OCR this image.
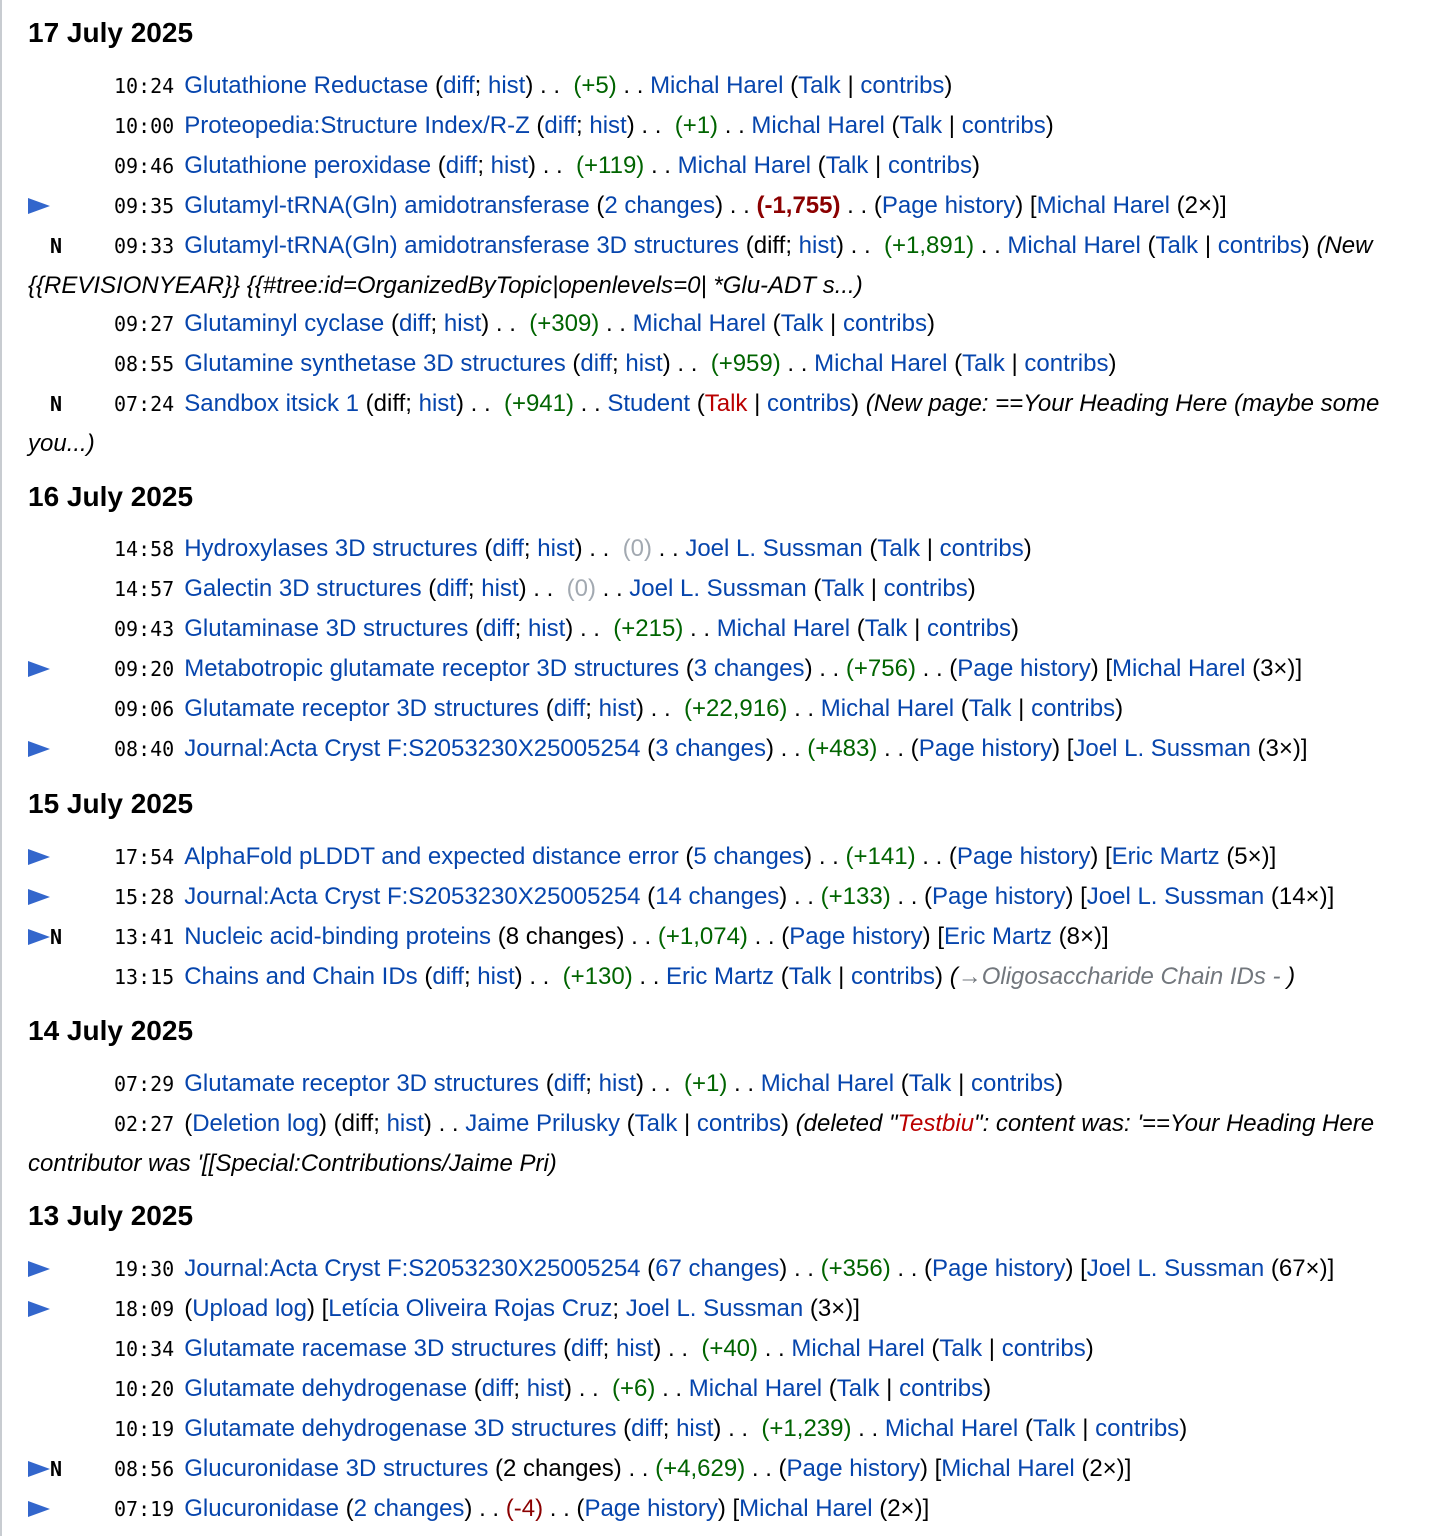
17 July 2025
10:24 Glutathione Reductase (diff; hist) . .  (+5) . . Michal Harel (Talk | contribs)
10:00 Proteopedia:Structure Index/R-Z (diff; hist) . .  (+1) . . Michal Harel (Talk | contribs)
09:46 Glutathione peroxidase (diff; hist) . .  (+119) . . Michal Harel (Talk | contribs)
09:35 Glutamyl-tRNA(Gln) amidotransferase (2 changes) . . (-1,755) . . (Page history) [Michal Harel (2×)]
N	09:33 Glutamyl-tRNA(Gln) amidotransferase 3D structures (diff; hist) . .  (+1,891) . . Michal Harel (Talk | contribs) (New
{{REVISIONYEAR}} {{#tree:id=OrganizedByTopic|openlevels=0| *Glu-ADT s...)
09:27 Glutaminyl cyclase (diff; hist) . .  (+309) . . Michal Harel (Talk | contribs)
08:55 Glutamine synthetase 3D structures (diff; hist) . .  (+959) . . Michal Harel (Talk | contribs)
N	07:24 Sandbox itsick 1 (diff; hist) . .  (+941) . . Student (Talk | contribs) (New page: ==Your Heading Here (maybe some
you...)
16 July 2025
14:58 Hydroxylases 3D structures (diff; hist) . .  (0) . . Joel L. Sussman (Talk | contribs)
14:57 Galectin 3D structures (diff; hist) . .  (0) . . Joel L. Sussman (Talk | contribs)
09:43 Glutaminase 3D structures (diff; hist) . .  (+215) . . Michal Harel (Talk | contribs)
09:20 Metabotropic glutamate receptor 3D structures (3 changes) . . (+756) . . (Page history) [Michal Harel (3×)]
09:06 Glutamate receptor 3D structures (diff; hist) . .  (+22,916) . . Michal Harel (Talk | contribs)
08:40 Journal:Acta Cryst F:S2053230X25005254 (3 changes) . . (+483) . . (Page history) [Joel L. Sussman (3×)]
15 July 2025
17:54 AlphaFold pLDDT and expected distance error (5 changes) . . (+141) . . (Page history) [Eric Martz (5×)]
15:28 Journal:Acta Cryst F:S2053230X25005254 (14 changes) . . (+133) . . (Page history) [Joel L. Sussman (14×)]
N	13:41 Nucleic acid-binding proteins (8 changes) . . (+1,074) . . (Page history) [Eric Martz (8×)]
13:15 Chains and Chain IDs (diff; hist) . .  (+130) . . Eric Martz (Talk | contribs) (→Oligosaccharide Chain IDs - )
14 July 2025
07:29 Glutamate receptor 3D structures (diff; hist) . .  (+1) . . Michal Harel (Talk | contribs)
02:27 (Deletion log) (diff; hist) . . Jaime Prilusky (Talk | contribs) (deleted "Testbiu": content was: '==Your Heading Here
contributor was '[[Special:Contributions/Jaime Pri)
13 July 2025
19:30 Journal:Acta Cryst F:S2053230X25005254 (67 changes) . . (+356) . . (Page history) [Joel L. Sussman (67×)]
18:09 (Upload log) [Letícia Oliveira Rojas Cruz; Joel L. Sussman (3×)]
10:34 Glutamate racemase 3D structures (diff; hist) . .  (+40) . . Michal Harel (Talk | contribs)
10:20 Glutamate dehydrogenase (diff; hist) . .  (+6) . . Michal Harel (Talk | contribs)
10:19 Glutamate dehydrogenase 3D structures (diff; hist) . .  (+1,239) . . Michal Harel (Talk | contribs)
N	08:56 Glucuronidase 3D structures (2 changes) . . (+4,629) . . (Page history) [Michal Harel (2×)]
07:19 Glucuronidase (2 changes) . . (-4) . . (Page history) [Michal Harel (2×)]
